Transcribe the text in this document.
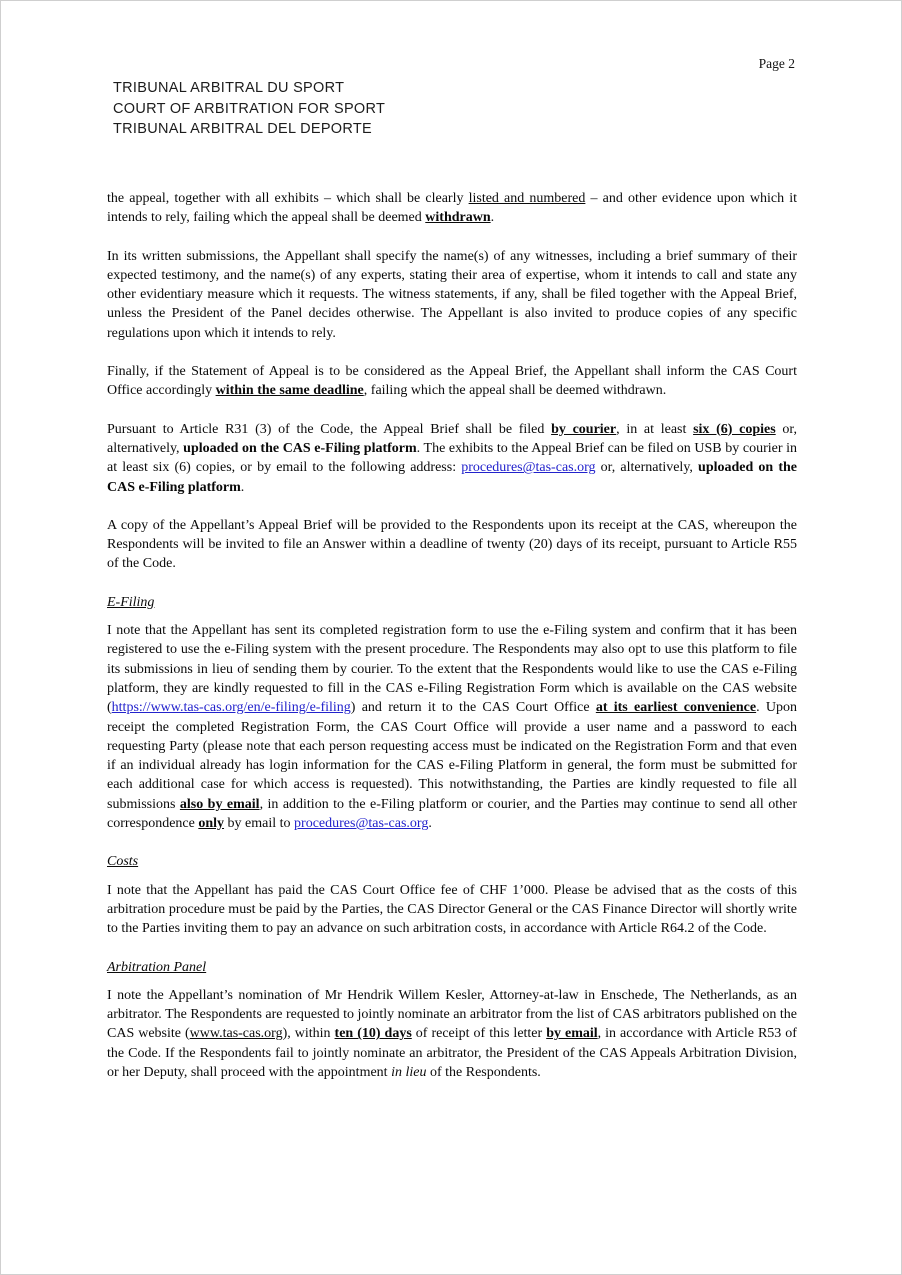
Page 2
TRIBUNAL ARBITRAL DU SPORT
COURT OF ARBITRATION FOR SPORT
TRIBUNAL ARBITRAL DEL DEPORTE

the appeal, together with all exhibits – which shall be clearly listed and numbered – and other evidence upon which it intends to rely, failing which the appeal shall be deemed withdrawn.

In its written submissions, the Appellant shall specify the name(s) of any witnesses, including a brief summary of their expected testimony, and the name(s) of any experts, stating their area of expertise, whom it intends to call and state any other evidentiary measure which it requests. The witness statements, if any, shall be filed together with the Appeal Brief, unless the President of the Panel decides otherwise. The Appellant is also invited to produce copies of any specific regulations upon which it intends to rely.

Finally, if the Statement of Appeal is to be considered as the Appeal Brief, the Appellant shall inform the CAS Court Office accordingly within the same deadline, failing which the appeal shall be deemed withdrawn.

Pursuant to Article R31 (3) of the Code, the Appeal Brief shall be filed by courier, in at least six (6) copies or, alternatively, uploaded on the CAS e-Filing platform. The exhibits to the Appeal Brief can be filed on USB by courier in at least six (6) copies, or by email to the following address: procedures@tas-cas.org or, alternatively, uploaded on the CAS e-Filing platform.

A copy of the Appellant’s Appeal Brief will be provided to the Respondents upon its receipt at the CAS, whereupon the Respondents will be invited to file an Answer within a deadline of twenty (20) days of its receipt, pursuant to Article R55 of the Code.

E-Filing

I note that the Appellant has sent its completed registration form to use the e-Filing system and confirm that it has been registered to use the e-Filing system with the present procedure. The Respondents may also opt to use this platform to file its submissions in lieu of sending them by courier. To the extent that the Respondents would like to use the CAS e-Filing platform, they are kindly requested to fill in the CAS e-Filing Registration Form which is available on the CAS website (https://www.tas-cas.org/en/e-filing/e-filing) and return it to the CAS Court Office at its earliest convenience. Upon receipt the completed Registration Form, the CAS Court Office will provide a user name and a password to each requesting Party (please note that each person requesting access must be indicated on the Registration Form and that even if an individual already has login information for the CAS e-Filing Platform in general, the form must be submitted for each additional case for which access is requested). This notwithstanding, the Parties are kindly requested to file all submissions also by email, in addition to the e-Filing platform or courier, and the Parties may continue to send all other correspondence only by email to procedures@tas-cas.org.

Costs

I note that the Appellant has paid the CAS Court Office fee of CHF 1’000. Please be advised that as the costs of this arbitration procedure must be paid by the Parties, the CAS Director General or the CAS Finance Director will shortly write to the Parties inviting them to pay an advance on such arbitration costs, in accordance with Article R64.2 of the Code.

Arbitration Panel

I note the Appellant’s nomination of Mr Hendrik Willem Kesler, Attorney-at-law in Enschede, The Netherlands, as an arbitrator. The Respondents are requested to jointly nominate an arbitrator from the list of CAS arbitrators published on the CAS website (www.tas-cas.org), within ten (10) days of receipt of this letter by email, in accordance with Article R53 of the Code. If the Respondents fail to jointly nominate an arbitrator, the President of the CAS Appeals Arbitration Division, or her Deputy, shall proceed with the appointment in lieu of the Respondents.
